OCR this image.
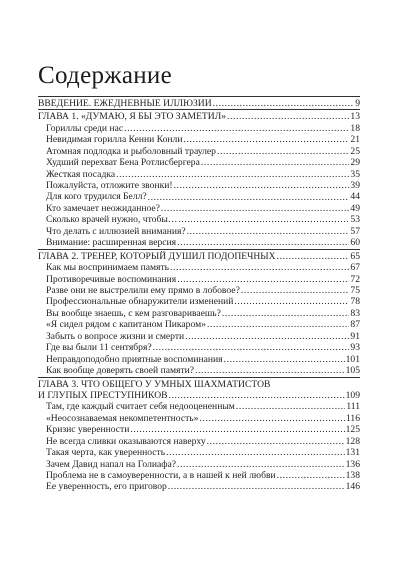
Содержание
ВВЕДЕНИЕ. ЕЖЕДНЕВНЫЕ ИЛЛЮЗИИ .....	9
ГЛАВА 1. «ДУМАЮ, Я БЫ ЭТО ЗАМЕТИЛ» .....	13
Гориллы среди нас .....	18
Невидимая горилла Кенни Конли .....	21
Атомная подлодка и рыболовный траулер .....	25
Худший перехват Бена Ротлисбергера .....	29
Жесткая посадка .....	35
Пожалуйста, отложите звонки! .....	39
Для кого трудился Белл? .....	44
Кто замечает неожиданное? .....	49
Сколько врачей нужно, чтобы… .....	53
Что делать с иллюзией внимания? .....	57
Внимание: расширенная версия .....	60
ГЛАВА 2. ТРЕНЕР, КОТОРЫЙ ДУШИЛ ПОДОПЕЧНЫХ .....	65
Как мы воспринимаем память .....	67
Противоречивые воспоминания .....	72
Разве они не выстрелили ему прямо в лобовое? .....	75
Профессиональные обнаружители изменений .....	78
Вы вообще знаешь, с кем разговариваешь? .....	83
«Я сидел рядом с капитаном Пикаром» .....	87
Забыть о вопросе жизни и смерти .....	91
Где вы были 11 сентября? .....	93
Неправдоподобно приятные воспоминания .....	101
Как вообще доверять своей памяти? .....	105
ГЛАВА 3. ЧТО ОБЩЕГО У УМНЫХ ШАХМАТИСТОВ
И ГЛУПЫХ ПРЕСТУПНИКОВ .....	109
Там, где каждый считает себя недооцененным .....	111
«Неосознаваемая некомпетентность» .....	116
Кризис уверенности .....	125
Не всегда сливки оказываются наверху .....	128
Такая черта, как уверенность .....	131
Зачем Давид напал на Голиафа? .....	136
Проблема не в самоуверенности, а в нашей к ней любви .....	138
Ее уверенность, его приговор .....	146
